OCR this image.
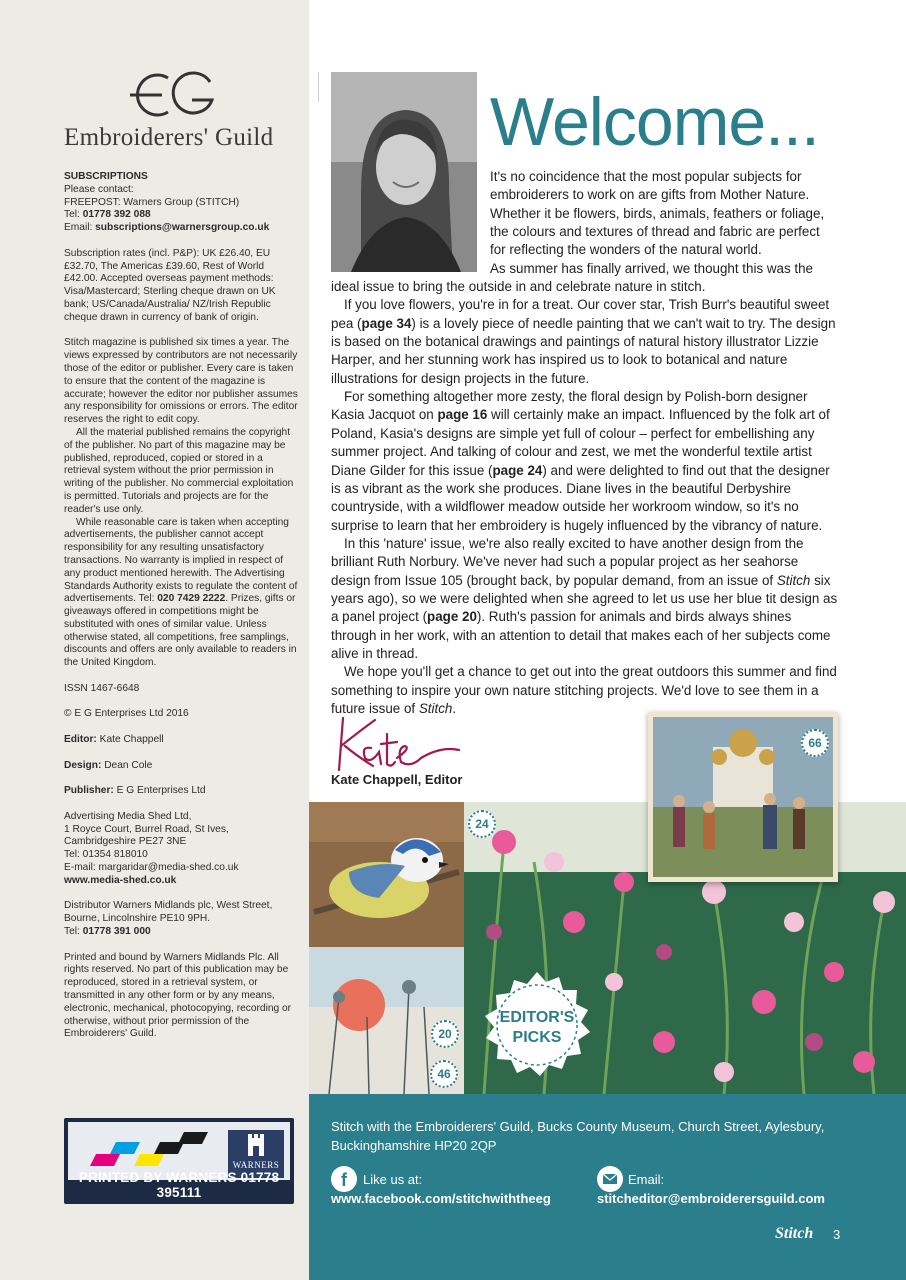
Embroiderers' Guild

SUBSCRIPTIONS

Please contact:

FREEPOST: Warners Group (STITCH)

Tel: 01778 392 088

Email: subscriptions@warnersgroup.co.uk

Subscription rates (incl. P&P): UK £26.40, EU £32.70, The Americas £39.60, Rest of World £42.00. Accepted overseas payment methods: Visa/Mastercard; Sterling cheque drawn on UK bank; US/Canada/Australia/ NZ/Irish Republic cheque drawn in currency of bank of origin.

Stitch magazine is published six times a year. The views expressed by contributors are not necessarily those of the editor or publisher. Every care is taken to ensure that the content of the magazine is accurate; however the editor nor publisher assumes any responsibility for omissions or errors. The editor reserves the right to edit copy.

All the material published remains the copyright of the publisher. No part of this magazine may be published, reproduced, copied or stored in a retrieval system without the prior permission in writing of the publisher. No commercial exploitation is permitted. Tutorials and projects are for the reader's use only.

While reasonable care is taken when accepting advertisements, the publisher cannot accept responsibility for any resulting unsatisfactory transactions. No warranty is implied in respect of any product mentioned herewith. The Advertising Standards Authority exists to regulate the content of advertisements. Tel: 020 7429 2222. Prizes, gifts or giveaways offered in competitions might be substituted with ones of similar value. Unless otherwise stated, all competitions, free samplings, discounts and offers are only available to readers in the United Kingdom.

ISSN 1467-6648

© E G Enterprises Ltd 2016

Editor: Kate Chappell

Design: Dean Cole

Publisher: E G Enterprises Ltd

Advertising Media Shed Ltd,

1 Royce Court, Burrel Road, St Ives,

Cambridgeshire PE27 3NE

Tel: 01354 818010

E-mail: margaridar@media-shed.co.uk

www.media-shed.co.uk

Distributor Warners Midlands plc, West Street,

Bourne, Lincolnshire PE10 9PH.

Tel: 01778 391 000

Printed and bound by Warners Midlands Plc. All rights reserved. No part of this publication may be reproduced, stored in a retrieval system, or transmitted in any other form or by any means, electronic, mechanical, photocopying, recording or otherwise, without prior permission of the Embroiderers' Guild.

WARNERS
PRINTED BY WARNERS 01778 395111
Welcome...

It's no coincidence that the most popular subjects for embroiderers to work on are gifts from Mother Nature. Whether it be flowers, birds, animals, feathers or foliage, the colours and textures of thread and fabric are perfect for reflecting the wonders of the natural world.

As summer has finally arrived, we thought this was the ideal issue to bring the outside in and celebrate nature in stitch.

If you love flowers, you're in for a treat. Our cover star, Trish Burr's beautiful sweet pea (page 34) is a lovely piece of needle painting that we can't wait to try. The design is based on the botanical drawings and paintings of natural history illustrator Lizzie Harper, and her stunning work has inspired us to look to botanical and nature illustrations for design projects in the future.

For something altogether more zesty, the floral design by Polish-born designer Kasia Jacquot on page 16 will certainly make an impact. Influenced by the folk art of Poland, Kasia's designs are simple yet full of colour – perfect for embellishing any summer project. And talking of colour and zest, we met the wonderful textile artist Diane Gilder for this issue (page 24) and were delighted to find out that the designer is as vibrant as the work she produces. Diane lives in the beautiful Derbyshire countryside, with a wildflower meadow outside her workroom window, so it's no surprise to learn that her embroidery is hugely influenced by the vibrancy of nature.

In this 'nature' issue, we're also really excited to have another design from the brilliant Ruth Norbury. We've never had such a popular project as her seahorse design from Issue 105 (brought back, by popular demand, from an issue of Stitch six years ago), so we were delighted when she agreed to let us use her blue tit design as a panel project (page 20). Ruth's passion for animals and birds always shines through in her work, with an attention to detail that makes each of her subjects come alive in thread.

We hope you'll get a chance to get out into the great outdoors this summer and find something to inspire your own nature stitching projects. We'd love to see them in a future issue of Stitch.

Kate Chappell, Editor
20
24
46
66
EDITOR'S
PICKS
Stitch with the Embroiderers' Guild, Bucks County Museum, Church Street, Aylesbury, Buckinghamshire HP20 2QP
f	Like us at:
www.facebook.com/stitchwiththeeg
Email:
stitcheditor@embroiderersguild.com
Stitch 3
